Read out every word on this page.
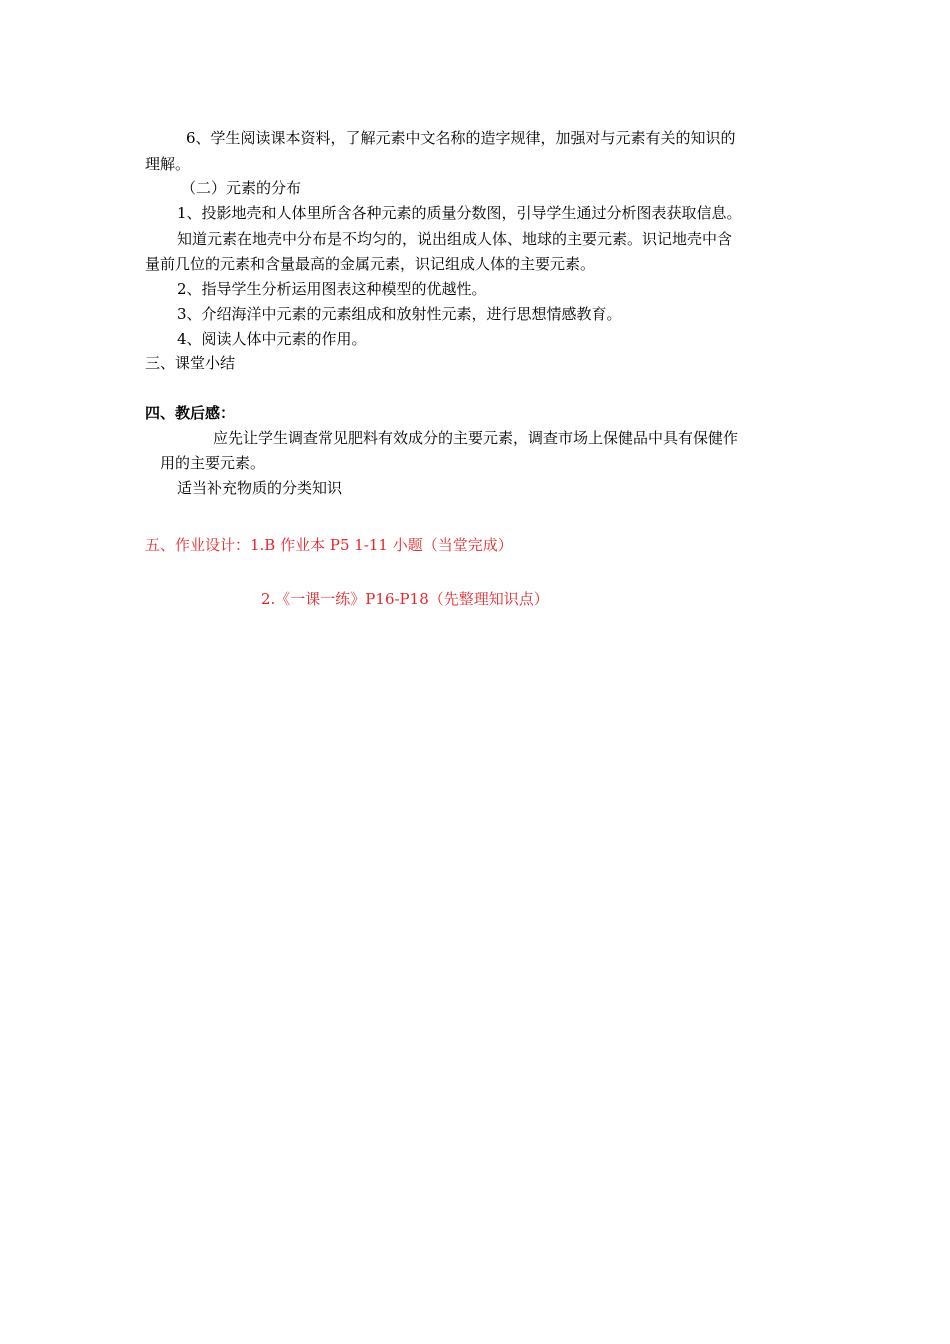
6、学生阅读课本资料，了解元素中文名称的造字规律，加强对与元素有关的知识的
理解。
（二）元素的分布
1、投影地壳和人体里所含各种元素的质量分数图，引导学生通过分析图表获取信息。
知道元素在地壳中分布是不均匀的，说出组成人体、地球的主要元素。识记地壳中含
量前几位的元素和含量最高的金属元素，识记组成人体的主要元素。
2、指导学生分析运用图表这种模型的优越性。
3、介绍海洋中元素的元素组成和放射性元素，进行思想情感教育。
4、阅读人体中元素的作用。
三、课堂小结
四、教后感：
应先让学生调查常见肥料有效成分的主要元素，调查市场上保健品中具有保健作
用的主要元素。
适当补充物质的分类知识
五、作业设计：1.B 作业本 P5 1-11 小题（当堂完成）
2.《一课一练》P16-P18（先整理知识点）
